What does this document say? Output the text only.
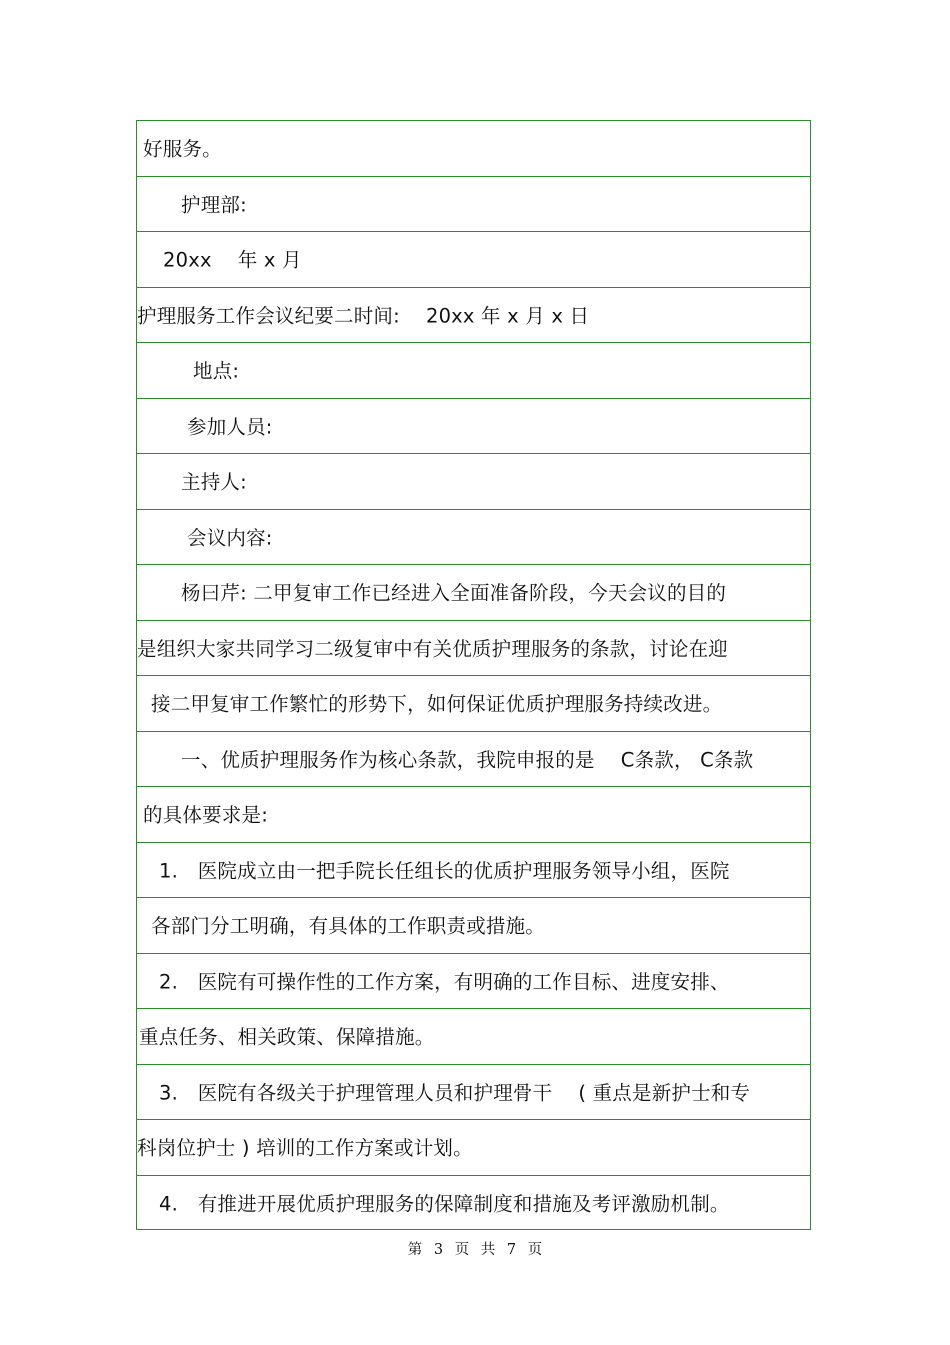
好服务。
护理部:
20xx　 年 x 月
护理服务工作会议纪要二时间:　 20xx 年 x 月 x 日
地点:
参加人员:
主持人:
会议内容:
杨曰芹: 二甲复审工作已经进入全面准备阶段，今天会议的目的
是组织大家共同学习二级复审中有关优质护理服务的条款，讨论在迎
接二甲复审工作繁忙的形势下，如何保证优质护理服务持续改进。
一、优质护理服务作为核心条款，我院申报的是　 C条款， C条款
的具体要求是:
1.　医院成立由一把手院长任组长的优质护理服务领导小组，医院
各部门分工明确，有具体的工作职责或措施。
2.　医院有可操作性的工作方案，有明确的工作目标、进度安排、
重点任务、相关政策、保障措施。
3.　医院有各级关于护理管理人员和护理骨干　 ( 重点是新护士和专
科岗位护士 ) 培训的工作方案或计划。
4.　有推进开展优质护理服务的保障制度和措施及考评激励机制。
第 3 页 共 7 页
